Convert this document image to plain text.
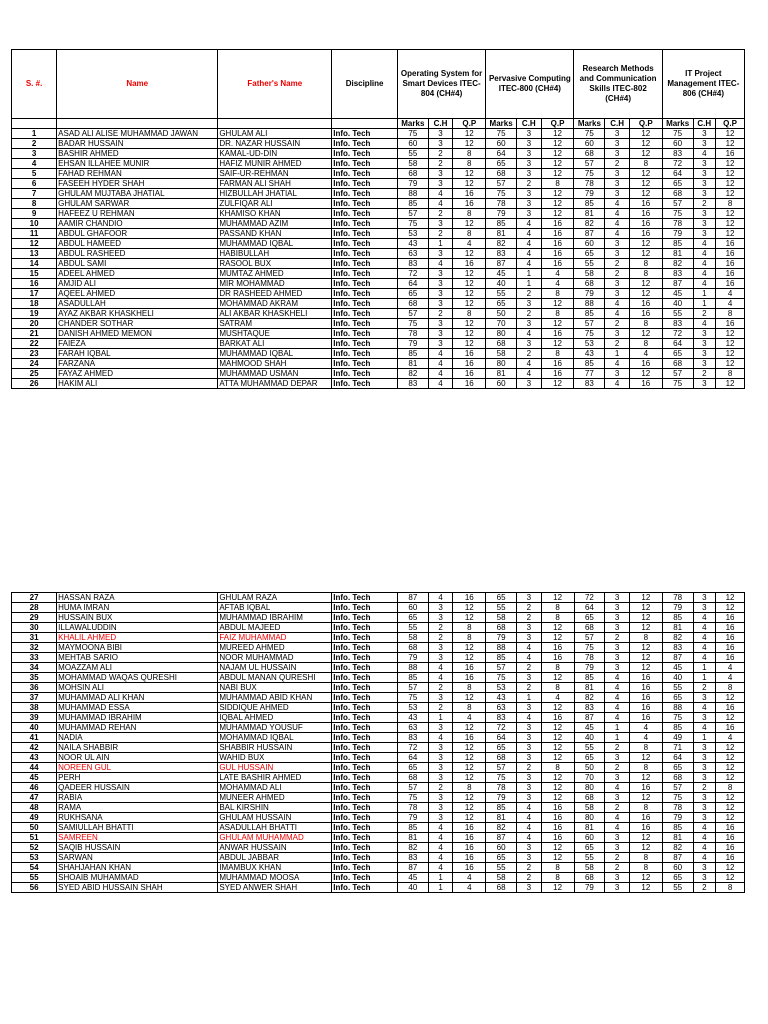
S. #.	Name	Father's Name	Discipline	Operating System for Smart Devices ITEC-804 (CH#4)			Pervasive Computing ITEC-800 (CH#4)			Research Methods and Communication Skills ITEC-802 (CH#4)			IT Project Management ITEC-806 (CH#4)		
				Marks	C.H	Q.P	Marks	C.H	Q.P	Marks	C.H	Q.P	Marks	C.H	Q.P
1	ASAD ALI ALISE MUHAMMAD JAWAN	GHULAM ALI	Info. Tech	75	3	12	75	3	12	75	3	12	75	3	12
2	BADAR HUSSAIN	DR. NAZAR HUSSAIN	Info. Tech	60	3	12	60	3	12	60	3	12	60	3	12
3	BASHIR AHMED	KAMAL-UD-DIN	Info. Tech	55	2	8	64	3	12	68	3	12	83	4	16
4	EHSAN ILLAHEE MUNIR	HAFIZ MUNIR AHMED	Info. Tech	58	2	8	65	3	12	57	2	8	72	3	12
5	FAHAD REHMAN	SAIF-UR-REHMAN	Info. Tech	68	3	12	68	3	12	75	3	12	64	3	12
6	FASEEH HYDER SHAH	FARMAN ALI SHAH	Info. Tech	79	3	12	57	2	8	78	3	12	65	3	12
7	GHULAM MUJTABA JHATIAL	HIZBULLAH JHATIAL	Info. Tech	88	4	16	75	3	12	79	3	12	68	3	12
8	GHULAM SARWAR	ZULFIQAR ALI	Info. Tech	85	4	16	78	3	12	85	4	16	57	2	8
9	HAFEEZ U REHMAN	KHAMISO KHAN	Info. Tech	57	2	8	79	3	12	81	4	16	75	3	12
10	AAMIR CHANDIO	MUHAMMAD AZIM	Info. Tech	75	3	12	85	4	16	82	4	16	78	3	12
11	ABDUL GHAFOOR	PASSAND KHAN	Info. Tech	53	2	8	81	4	16	87	4	16	79	3	12
12	ABDUL HAMEED	MUHAMMAD IQBAL	Info. Tech	43	1	4	82	4	16	60	3	12	85	4	16
13	ABDUL RASHEED	HABIBULLAH	Info. Tech	63	3	12	83	4	16	65	3	12	81	4	16
14	ABDUL SAMI	RASOOL BUX	Info. Tech	83	4	16	87	4	16	55	2	8	82	4	16
15	ADEEL AHMED	MUMTAZ AHMED	Info. Tech	72	3	12	45	1	4	58	2	8	83	4	16
16	AMJID ALI	MIR MOHAMMAD	Info. Tech	64	3	12	40	1	4	68	3	12	87	4	16
17	AQEEL AHMED	DR RASHEED AHMED	Info. Tech	65	3	12	55	2	8	79	3	12	45	1	4
18	ASADULLAH	MOHAMMAD AKRAM	Info. Tech	68	3	12	65	3	12	88	4	16	40	1	4
19	AYAZ AKBAR KHASKHELI	ALI AKBAR KHASKHELI	Info. Tech	57	2	8	50	2	8	85	4	16	55	2	8
20	CHANDER SOTHAR	SATRAM	Info. Tech	75	3	12	70	3	12	57	2	8	83	4	16
21	DANISH AHMED MEMON	MUSHTAQUE	Info. Tech	78	3	12	80	4	16	75	3	12	72	3	12
22	FAIEZA	BARKAT ALI	Info. Tech	79	3	12	68	3	12	53	2	8	64	3	12
23	FARAH IQBAL	MUHAMMAD IQBAL	Info. Tech	85	4	16	58	2	8	43	1	4	65	3	12
24	FARZANA	MAHMOOD SHAH	Info. Tech	81	4	16	80	4	16	85	4	16	68	3	12
25	FAYAZ AHMED	MUHAMMAD USMAN	Info. Tech	82	4	16	81	4	16	77	3	12	57	2	8
26	HAKIM ALI	ATTA MUHAMMAD DEPAR	Info. Tech	83	4	16	60	3	12	83	4	16	75	3	12
27	HASSAN RAZA	GHULAM RAZA	Info. Tech	87	4	16	65	3	12	72	3	12	78	3	12
28	HUMA IMRAN	AFTAB IQBAL	Info. Tech	60	3	12	55	2	8	64	3	12	79	3	12
29	HUSSAIN BUX	MUHAMMAD IBRAHIM	Info. Tech	65	3	12	58	2	8	65	3	12	85	4	16
30	ILLAWALUDDIN	ABDUL MAJEED	Info. Tech	55	2	8	68	3	12	68	3	12	81	4	16
31	KHALIL AHMED	FAIZ MUHAMMAD	Info. Tech	58	2	8	79	3	12	57	2	8	82	4	16
32	MAYMOONA BIBI	MUREED AHMED	Info. Tech	68	3	12	88	4	16	75	3	12	83	4	16
33	MEHTAB SARIO	NOOR MUHAMMAD	Info. Tech	79	3	12	85	4	16	78	3	12	87	4	16
34	MOAZZAM ALI	NAJAM UL HUSSAIN	Info. Tech	88	4	16	57	2	8	79	3	12	45	1	4
35	MOHAMMAD WAQAS QURESHI	ABDUL MANAN QURESHI	Info. Tech	85	4	16	75	3	12	85	4	16	40	1	4
36	MOHSIN ALI	NABI BUX	Info. Tech	57	2	8	53	2	8	81	4	16	55	2	8
37	MUHAMMAD ALI KHAN	MUHAMMAD ABID KHAN	Info. Tech	75	3	12	43	1	4	82	4	16	65	3	12
38	MUHAMMAD ESSA	SIDDIQUE AHMED	Info. Tech	53	2	8	63	3	12	83	4	16	88	4	16
39	MUHAMMAD IBRAHIM	IQBAL AHMED	Info. Tech	43	1	4	83	4	16	87	4	16	75	3	12
40	MUHAMMAD REHAN	MUHAMMAD YOUSUF	Info. Tech	63	3	12	72	3	12	45	1	4	85	4	16
41	NADIA	MOHAMMAD IQBAL	Info. Tech	83	4	16	64	3	12	40	1	4	49	1	4
42	NAILA SHABBIR	SHABBIR HUSSAIN	Info. Tech	72	3	12	65	3	12	55	2	8	71	3	12
43	NOOR UL AIN	WAHID BUX	Info. Tech	64	3	12	68	3	12	65	3	12	64	3	12
44	NOREEN GUL	GUL HUSSAIN	Info. Tech	65	3	12	57	2	8	50	2	8	65	3	12
45	PERH	LATE BASHIR AHMED	Info. Tech	68	3	12	75	3	12	70	3	12	68	3	12
46	QADEER HUSSAIN	MOHAMMAD ALI	Info. Tech	57	2	8	78	3	12	80	4	16	57	2	8
47	RABIA	MUNEER AHMED	Info. Tech	75	3	12	79	3	12	68	3	12	75	3	12
48	RAMA	BAL KIRSHIN	Info. Tech	78	3	12	85	4	16	58	2	8	78	3	12
49	RUKHSANA	GHULAM HUSSAIN	Info. Tech	79	3	12	81	4	16	80	4	16	79	3	12
50	SAMIULLAH BHATTI	ASADULLAH BHATTI	Info. Tech	85	4	16	82	4	16	81	4	16	85	4	16
51	SAMREEN	GHULAM MUHAMMAD	Info. Tech	81	4	16	87	4	16	60	3	12	81	4	16
52	SAQIB HUSSAIN	ANWAR HUSSAIN	Info. Tech	82	4	16	60	3	12	65	3	12	82	4	16
53	SARWAN	ABDUL JABBAR	Info. Tech	83	4	16	65	3	12	55	2	8	87	4	16
54	SHAHJAHAN KHAN	IMAMBUX KHAN	Info. Tech	87	4	16	55	2	8	58	2	8	60	3	12
55	SHOAIB MUHAMMAD	MUHAMMAD MOOSA	Info. Tech	45	1	4	58	2	8	68	3	12	65	3	12
56	SYED ABID HUSSAIN SHAH	SYED ANWER SHAH	Info. Tech	40	1	4	68	3	12	79	3	12	55	2	8
